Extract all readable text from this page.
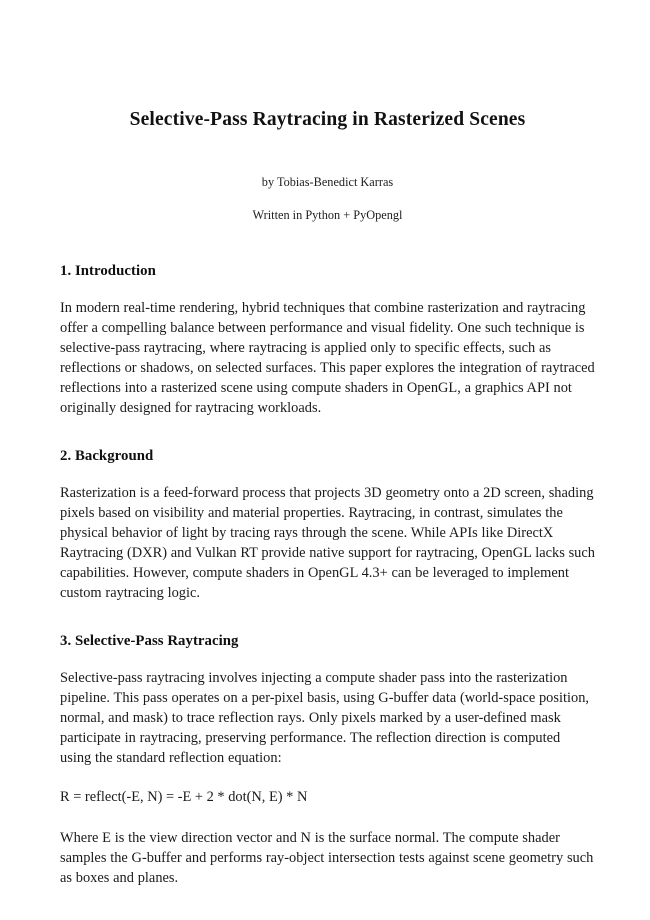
Selective-Pass Raytracing in Rasterized Scenes
by Tobias-Benedict Karras
Written in Python + PyOpengl
1. Introduction

In modern real-time rendering, hybrid techniques that combine rasterization and raytracing offer a compelling balance between performance and visual fidelity. One such technique is selective-pass raytracing, where raytracing is applied only to specific effects, such as reflections or shadows, on selected surfaces. This paper explores the integration of raytraced reflections into a rasterized scene using compute shaders in OpenGL, a graphics API not originally designed for raytracing workloads.

2. Background

Rasterization is a feed-forward process that projects 3D geometry onto a 2D screen, shading pixels based on visibility and material properties. Raytracing, in contrast, simulates the physical behavior of light by tracing rays through the scene. While APIs like DirectX Raytracing (DXR) and Vulkan RT provide native support for raytracing, OpenGL lacks such capabilities. However, compute shaders in OpenGL 4.3+ can be leveraged to implement custom raytracing logic.

3. Selective-Pass Raytracing

Selective-pass raytracing involves injecting a compute shader pass into the rasterization pipeline. This pass operates on a per-pixel basis, using G-buffer data (world-space position, normal, and mask) to trace reflection rays. Only pixels marked by a user-defined mask participate in raytracing, preserving performance. The reflection direction is computed using the standard reflection equation:

R = reflect(-E, N) = -E + 2 * dot(N, E) * N

Where E is the view direction vector and N is the surface normal. The compute shader samples the G-buffer and performs ray-object intersection tests against scene geometry such as boxes and planes.
